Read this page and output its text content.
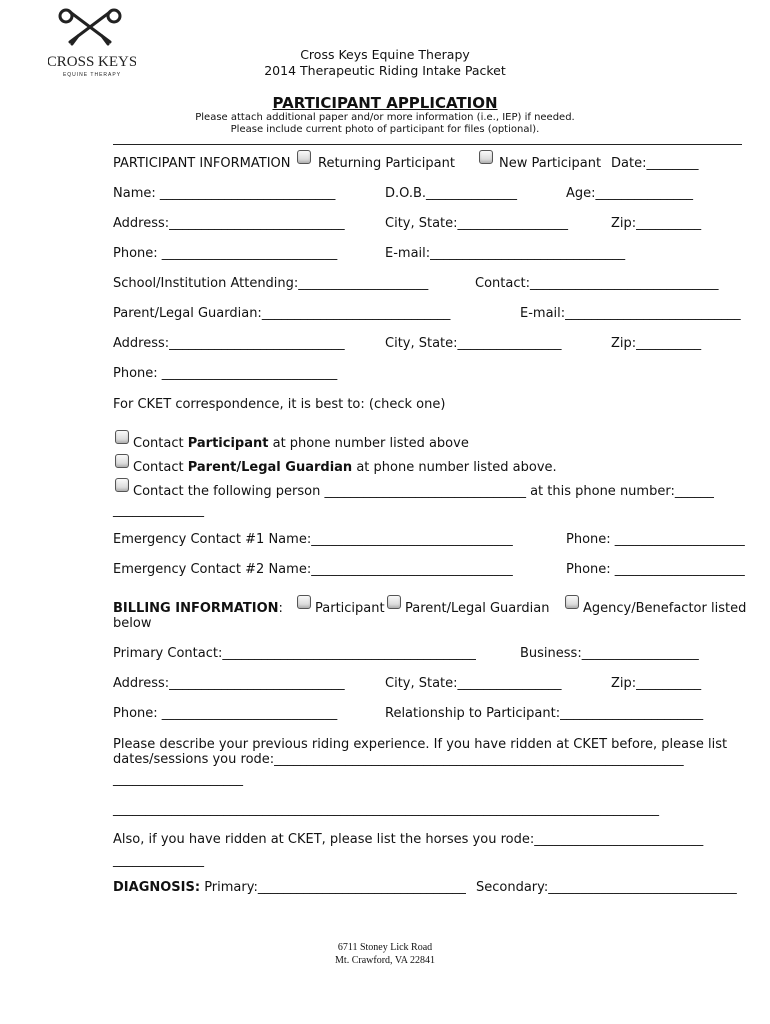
CROSS KEYS
EQUINE THERAPY
Cross Keys Equine Therapy
2014 Therapeutic Riding Intake Packet
PARTICIPANT APPLICATION
Please attach additional paper and/or more information (i.e., IEP) if needed.
Please include current photo of participant for files (optional).
PARTICIPANT INFORMATION Returning Participant	New Participant Date:________
Name: ___________________________	D.O.B.______________	Age:_______________
Address:___________________________	City, State:_________________	Zip:__________
Phone: ___________________________	E-mail:______________________________
School/Institution Attending:____________________	Contact:_____________________________
Parent/Legal Guardian:_____________________________	E-mail:___________________________
Address:___________________________	City, State:________________	Zip:__________
Phone: ___________________________
For CKET correspondence, it is best to: (check one)
Contact Participant at phone number listed above
Contact Parent/Legal Guardian at phone number listed above.
Contact the following person _______________________________ at this phone number:______
______________
Emergency Contact #1 Name:_______________________________	Phone: ____________________
Emergency Contact #2 Name:_______________________________	Phone: ____________________
BILLING INFORMATION: Participant Parent/Legal Guardian	Agency/Benefactor listed
below
Primary Contact:_______________________________________	Business:__________________
Address:___________________________	City, State:________________	Zip:__________
Phone: ___________________________	Relationship to Participant:______________________
Please describe your previous riding experience. If you have ridden at CKET before, please list
dates/sessions you rode:_______________________________________________________________
____________________
____________________________________________________________________________________
Also, if you have ridden at CKET, please list the horses you rode:__________________________
______________
DIAGNOSIS: Primary:________________________________ Secondary:_____________________________
6711 Stoney Lick Road
Mt. Crawford, VA 22841
